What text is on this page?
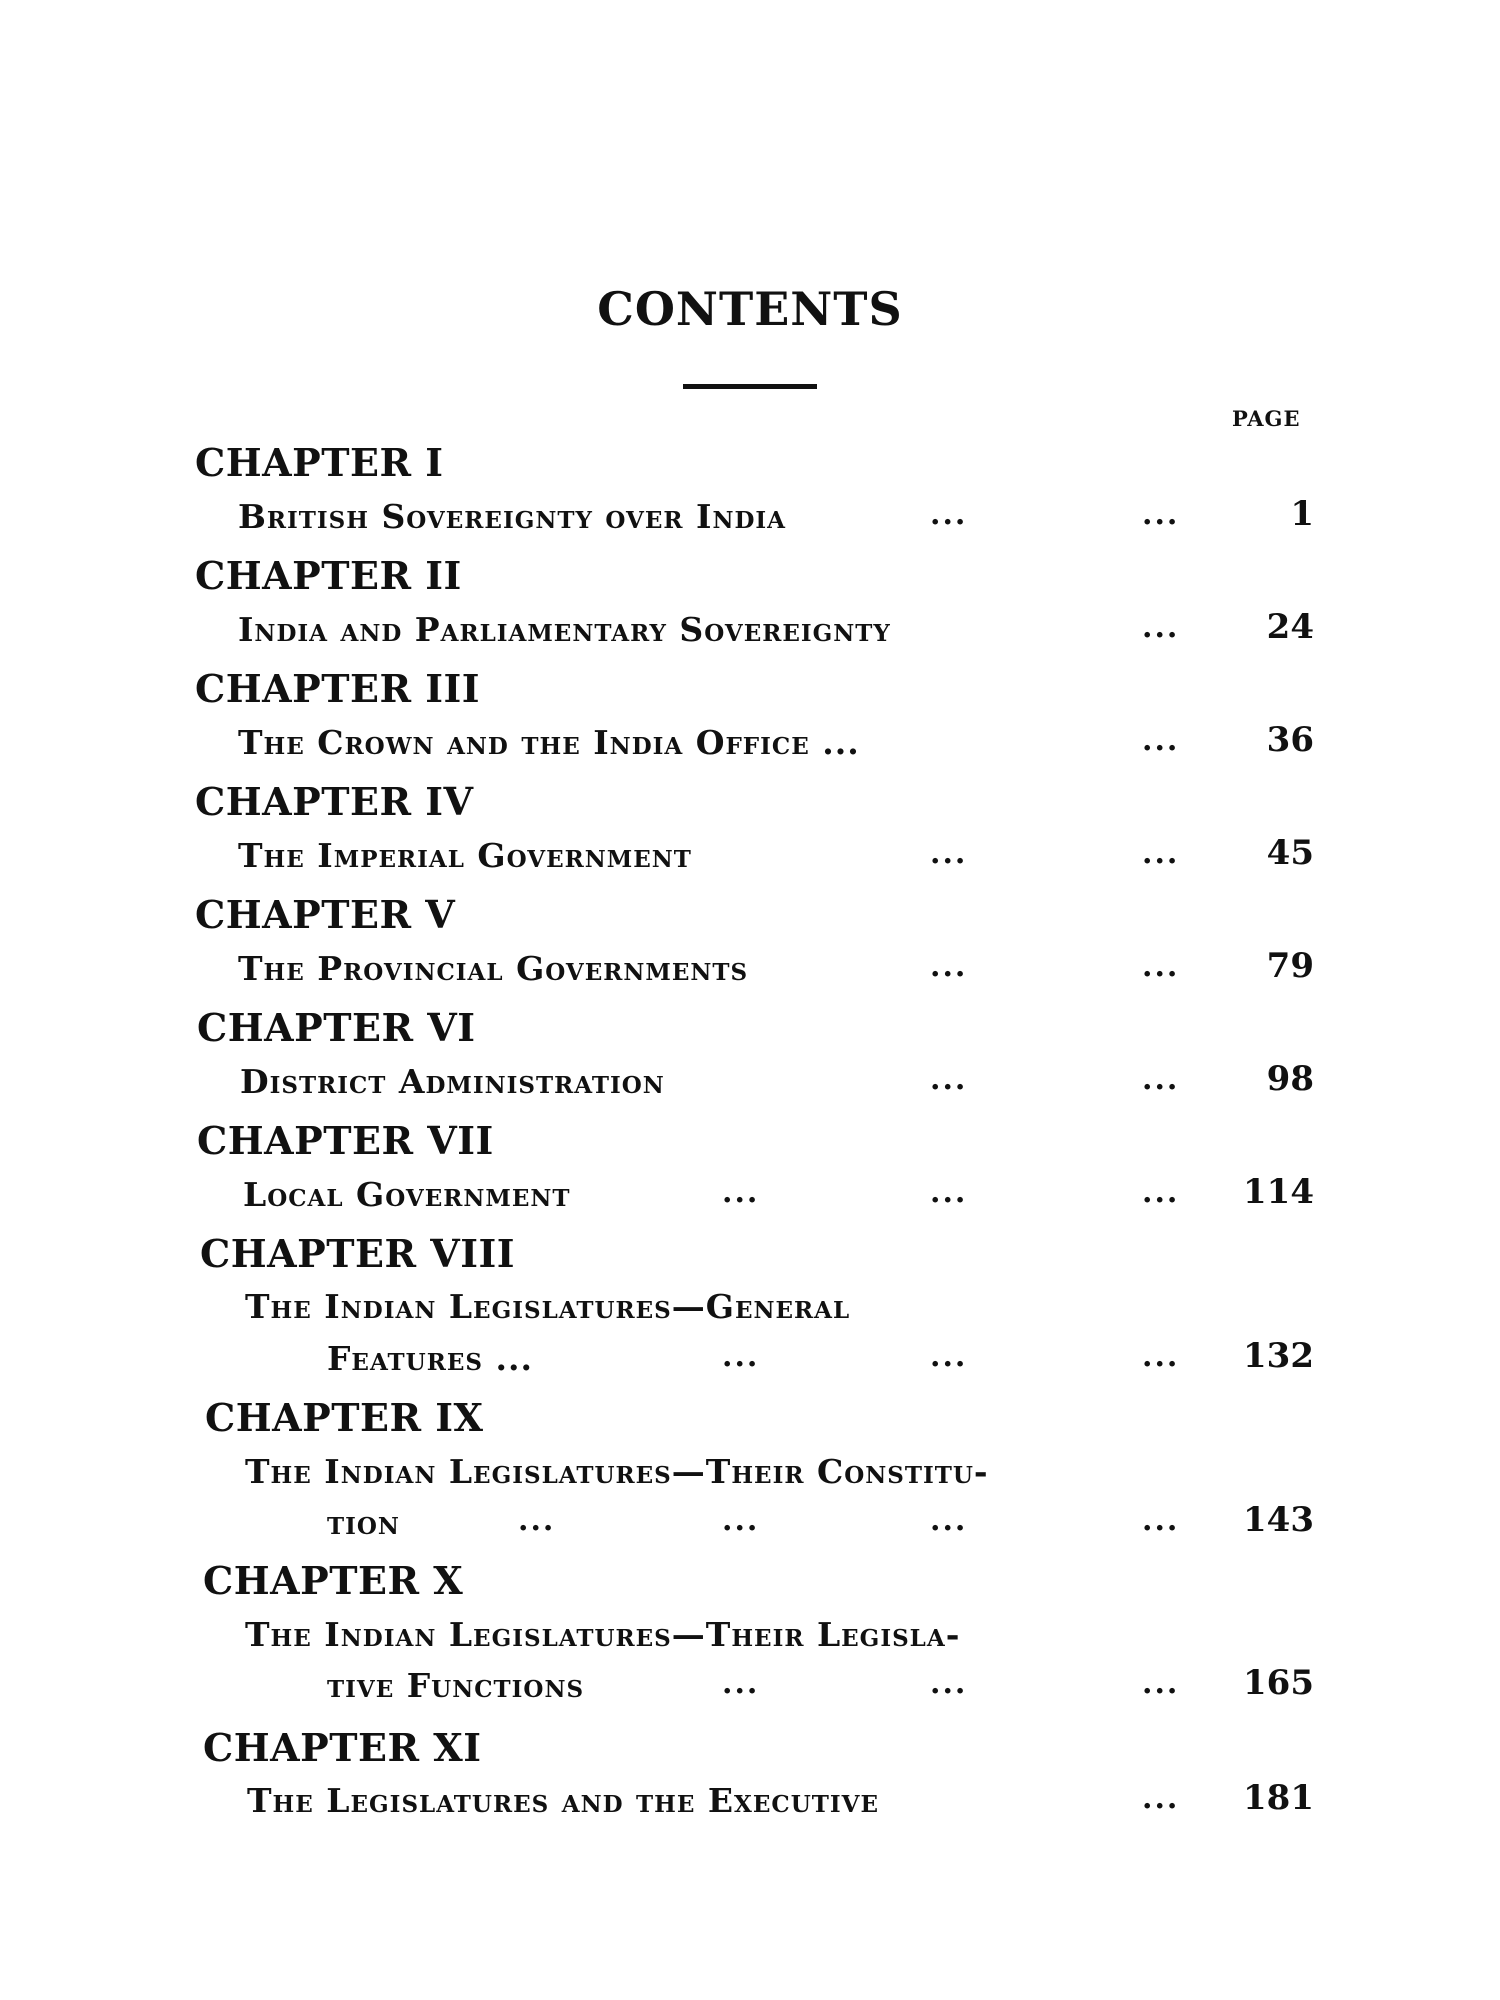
CONTENTS
PAGE
CHAPTER I
British Sovereignty over India	...	...	1
CHAPTER II
India and Parliamentary Sovereignty	...	24
CHAPTER III
The Crown and the India Office ...	...	36
CHAPTER IV
The Imperial Government	...	...	45
CHAPTER V
The Provincial Governments	...	...	79
CHAPTER VI
District Administration	...	...	98
CHAPTER VII
Local Government	...	...	... 114
CHAPTER VIII
The Indian Legislatures—General
Features ...	...	...	... 132
CHAPTER IX
The Indian Legislatures—Their Constitu-
tion	...	...	...	... 143
CHAPTER X
The Indian Legislatures—Their Legisla-
tive Functions	...	...	... 165
CHAPTER XI
The Legislatures and the Executive	... 181
